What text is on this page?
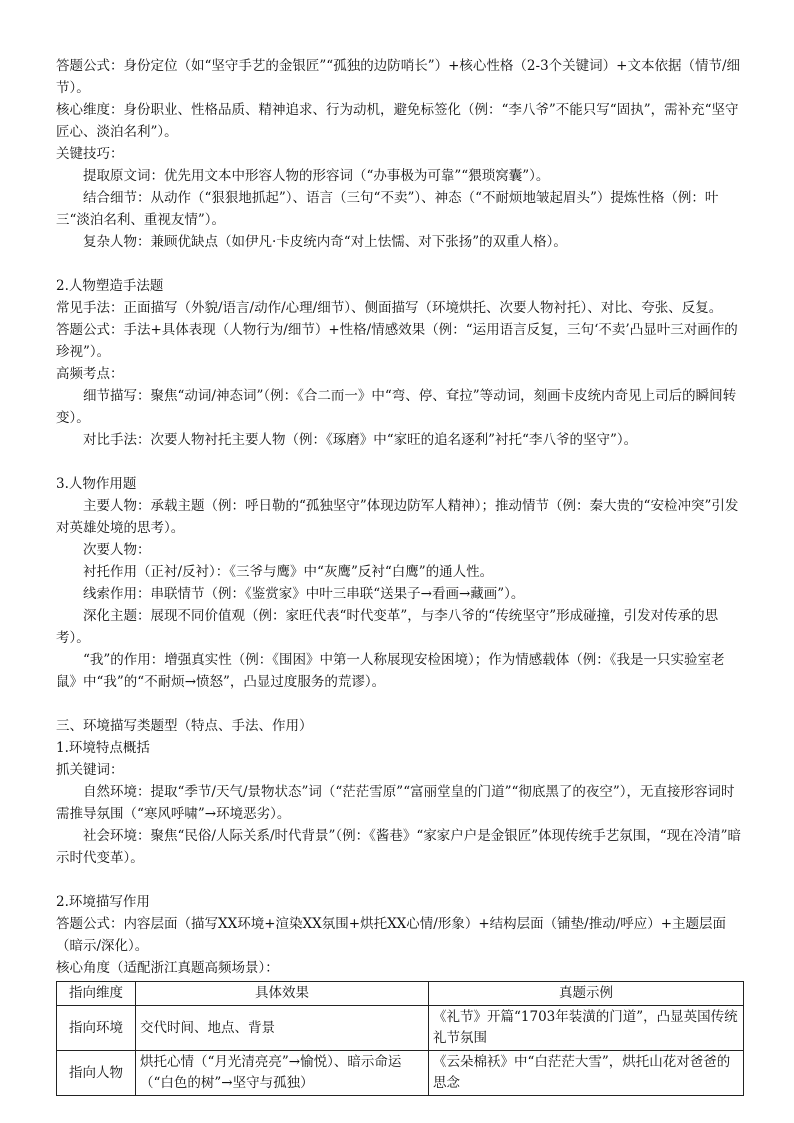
答题公式：身份定位（如“坚守手艺的金银匠”“孤独的边防哨长”）+核心性格（2-3个关键词）+文本依据（情节/细节）。

核心维度：身份职业、性格品质、精神追求、行为动机，避免标签化（例：“李八爷”不能只写“固执”，需补充“坚守匠心、淡泊名利”）。

关键技巧：

提取原文词：优先用文本中形容人物的形容词（“办事极为可靠”“猥琐窝囊”）。

结合细节：从动作（“狠狠地抓起”）、语言（三句“不卖”）、神态（“不耐烦地皱起眉头”）提炼性格（例：叶三“淡泊名利、重视友情”）。

复杂人物：兼顾优缺点（如伊凡·卡皮统内奇“对上怯懦、对下张扬”的双重人格）。

2.人物塑造手法题

常见手法：正面描写（外貌/语言/动作/心理/细节）、侧面描写（环境烘托、次要人物衬托）、对比、夸张、反复。

答题公式：手法+具体表现（人物行为/细节）+性格/情感效果（例：“运用语言反复，三句‘不卖’凸显叶三对画作的珍视”）。

高频考点：

细节描写：聚焦“动词/神态词”（例：《合二而一》中“弯、停、耷拉”等动词，刻画卡皮统内奇见上司后的瞬间转变）。

对比手法：次要人物衬托主要人物（例：《琢磨》中“家旺的追名逐利”衬托“李八爷的坚守”）。

3.人物作用题

主要人物：承载主题（例：呼日勒的“孤独坚守”体现边防军人精神）；推动情节（例：秦大贵的“安检冲突”引发对英雄处境的思考）。

次要人物：

衬托作用（正衬/反衬）：《三爷与鹰》中“灰鹰”反衬“白鹰”的通人性。

线索作用：串联情节（例：《鉴赏家》中叶三串联“送果子→看画→藏画”）。

深化主题：展现不同价值观（例：家旺代表“时代变革”，与李八爷的“传统坚守”形成碰撞，引发对传承的思考）。

“我”的作用：增强真实性（例：《围困》中第一人称展现安检困境）；作为情感载体（例：《我是一只实验室老鼠》中“我”的“不耐烦→愤怒”，凸显过度服务的荒谬）。

三、环境描写类题型（特点、手法、作用）

1.环境特点概括

抓关键词：

自然环境：提取“季节/天气/景物状态”词（“茫茫雪原”“富丽堂皇的门道”“彻底黑了的夜空”），无直接形容词时需推导氛围（“寒风呼啸”→环境恶劣）。

社会环境：聚焦“民俗/人际关系/时代背景”（例：《酱巷》“家家户户是金银匠”体现传统手艺氛围，“现在冷清”暗示时代变革）。

2.环境描写作用

答题公式：内容层面（描写XX环境+渲染XX氛围+烘托XX心情/形象）+结构层面（铺垫/推动/呼应）+主题层面（暗示/深化）。

核心角度（适配浙江真题高频场景）：

指向维度	具体效果	真题示例
指向环境	交代时间、地点、背景	《礼节》开篇“1703年装潢的门道”，凸显英国传统礼节氛围
指向人物	烘托心情（“月光清亮亮”→愉悦）、暗示命运（“白色的树”→坚守与孤独）	《云朵棉袄》中“白茫茫大雪”，烘托山花对爸爸的思念
